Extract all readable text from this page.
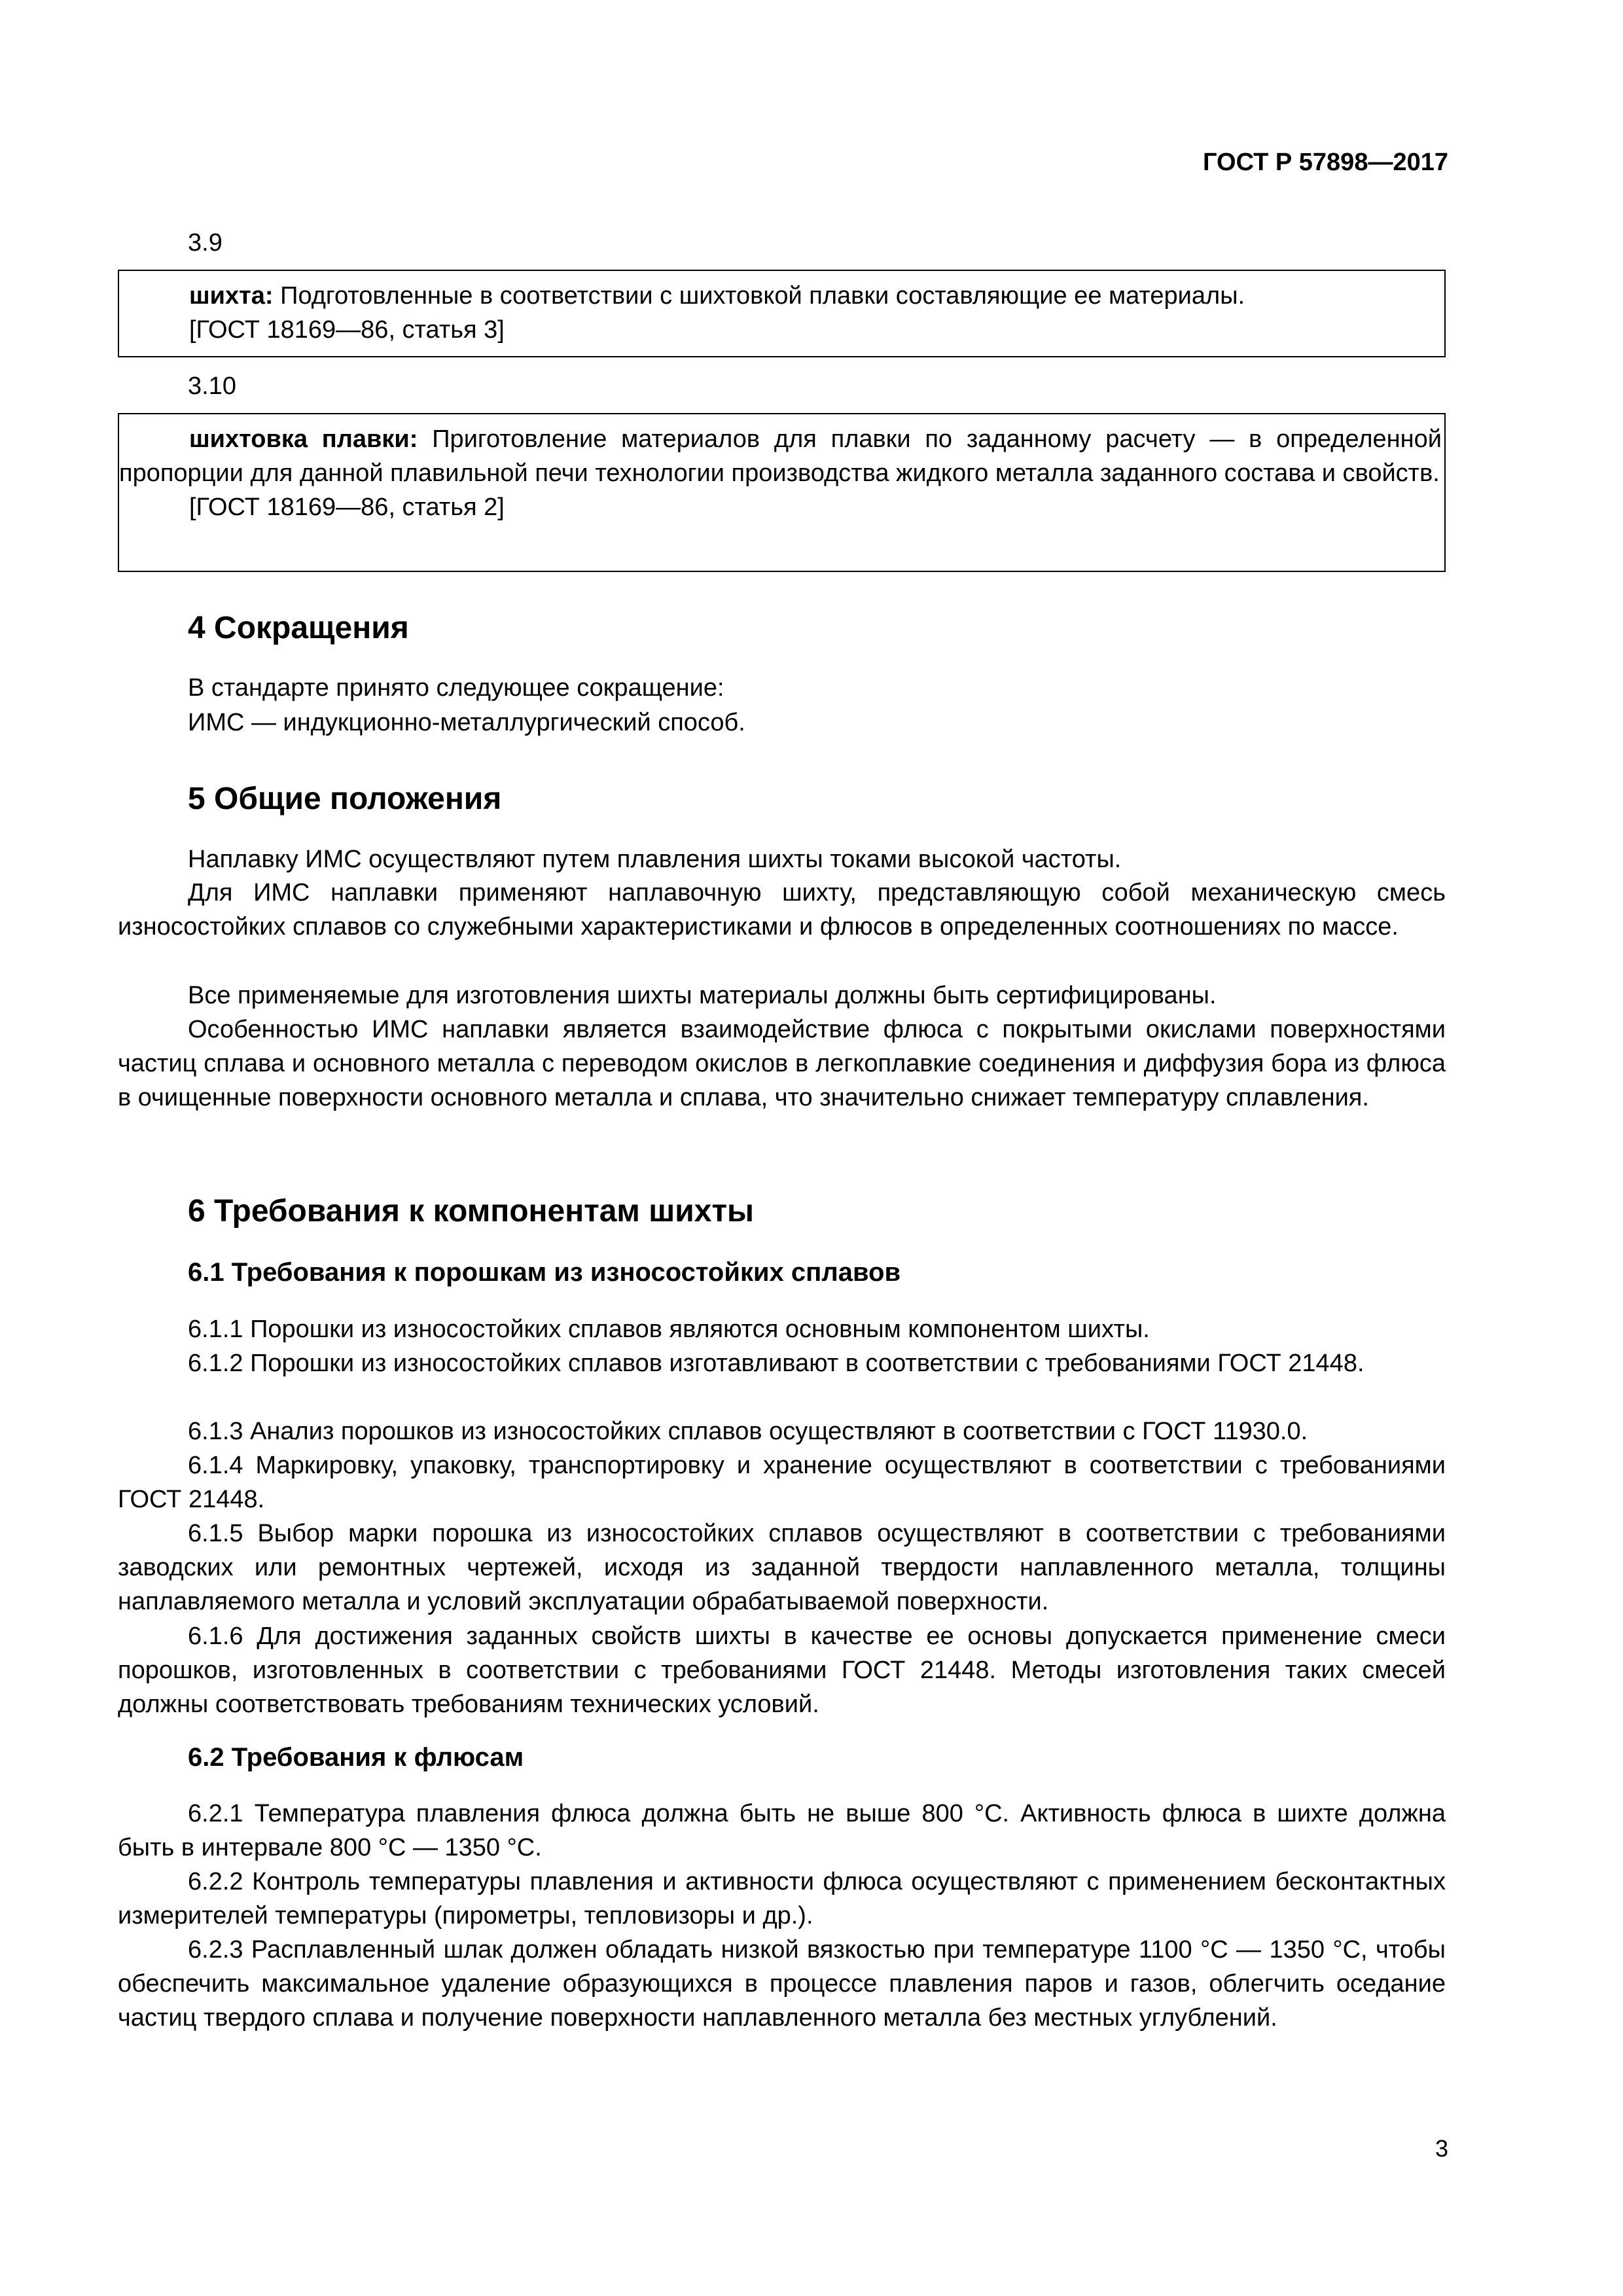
ГОСТ Р 57898—2017
3.9
шихта: Подготовленные в соответствии с шихтовкой плавки составляющие ее материалы.
[ГОСТ 18169—86, статья 3]
3.10
шихтовка плавки: Приготовление материалов для плавки по заданному расчету — в определенной пропорции для данной плавильной печи технологии производства жидкого металла заданного состава и свойств.
[ГОСТ 18169—86, статья 2]
4 Сокращения
В стандарте принято следующее сокращение:
ИМС — индукционно-металлургический способ.
5 Общие положения
Наплавку ИМС осуществляют путем плавления шихты токами высокой частоты.
Для ИМС наплавки применяют наплавочную шихту, представляющую собой механическую смесь износостойких сплавов со служебными характеристиками и флюсов в определенных соотношениях по массе.
Все применяемые для изготовления шихты материалы должны быть сертифицированы.
Особенностью ИМС наплавки является взаимодействие флюса с покрытыми окислами поверхностями частиц сплава и основного металла с переводом окислов в легкоплавкие соединения и диффузия бора из флюса в очищенные поверхности основного металла и сплава, что значительно снижает температуру сплавления.
6 Требования к компонентам шихты
6.1 Требования к порошкам из износостойких сплавов
6.1.1 Порошки из износостойких сплавов являются основным компонентом шихты.
6.1.2 Порошки из износостойких сплавов изготавливают в соответствии с требованиями ГОСТ 21448.
6.1.3 Анализ порошков из износостойких сплавов осуществляют в соответствии с ГОСТ 11930.0.
6.1.4 Маркировку, упаковку, транспортировку и хранение осуществляют в соответствии с требованиями ГОСТ 21448.
6.1.5 Выбор марки порошка из износостойких сплавов осуществляют в соответствии с требованиями заводских или ремонтных чертежей, исходя из заданной твердости наплавленного металла, толщины наплавляемого металла и условий эксплуатации обрабатываемой поверхности.
6.1.6 Для достижения заданных свойств шихты в качестве ее основы допускается применение смеси порошков, изготовленных в соответствии с требованиями ГОСТ 21448. Методы изготовления таких смесей должны соответствовать требованиям технических условий.
6.2 Требования к флюсам
6.2.1 Температура плавления флюса должна быть не выше 800 °С. Активность флюса в шихте должна быть в интервале 800 °С — 1350 °С.
6.2.2 Контроль температуры плавления и активности флюса осуществляют с применением бесконтактных измерителей температуры (пирометры, тепловизоры и др.).
6.2.3 Расплавленный шлак должен обладать низкой вязкостью при температуре 1100 °С — 1350 °С, чтобы обеспечить максимальное удаление образующихся в процессе плавления паров и газов, облегчить оседание частиц твердого сплава и получение поверхности наплавленного металла без местных углублений.
3
